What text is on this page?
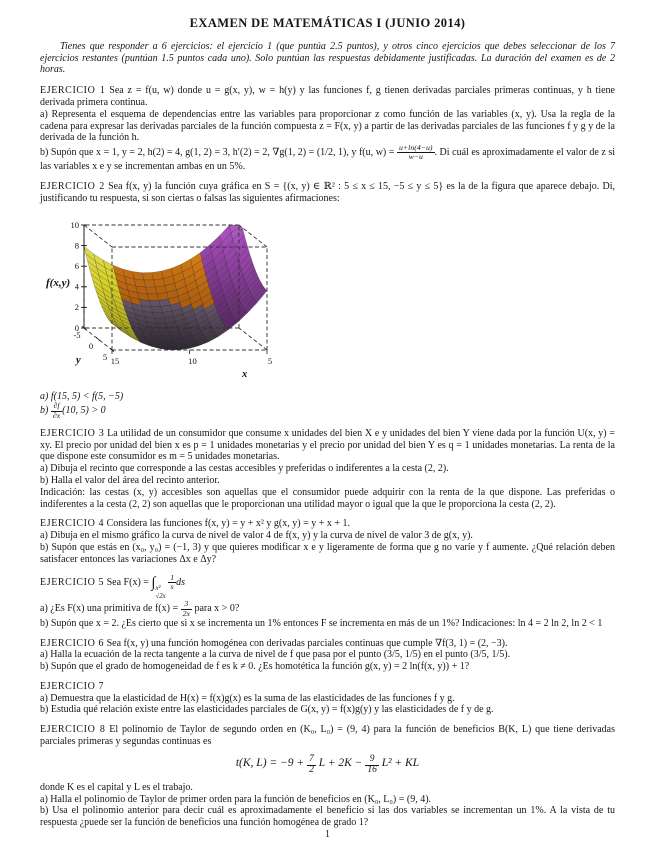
EXAMEN DE MATEMÁTICAS I (JUNIO 2014)

Tienes que responder a 6 ejercicios: el ejercicio 1 (que puntúa 2.5 puntos), y otros cinco ejercicios que debes seleccionar de los 7 ejercicios restantes (puntúan 1.5 puntos cada uno). Solo puntúan las respuestas debidamente justificadas. La duración del examen es de 2 horas.

EJERCICIO 1 Sea z = f(u, w) donde u = g(x, y), w = h(y) y las funciones f, g tienen derivadas parciales primeras continuas, y h tiene derivada primera continua.

a) Representa el esquema de dependencias entre las variables para proporcionar z como función de las variables (x, y). Usa la regla de la cadena para expresar las derivadas parciales de la función compuesta z = F(x, y) a partir de las derivadas parciales de las funciones f y g y de la derivada de la función h.
b) Supón que x = 1, y = 2, h(2) = 4, g(1, 2) = 3, h′(2) = 2, ∇g(1, 2) = (1/2, 1), y f(u, $w) = \frac{u+\ln(4-u)}{w-u}$ . Di cuál es aproximadamente el valor de z si las variables x e y se incrementan ambas en un 5%.

EJERCICIO 2 Sea f(x, y) la función cuya gráfica en S = {(x, y) ∈ ℝ² : 5 ≤ x ≤ 15, −5 ≤ y ≤ 5} es la de la figura que aparece debajo. Di, justificando tu respuesta, si son ciertas o falsas las siguientes afirmaciones:

10
8
6
4
2
0
-5
0
5 15	10	5
f(x,y)
y
x
a) f(15, 5) < f(5, −5)
$b) \frac{\partial f}{\partial x} (10$, 5) > 0

EJERCICIO 3 La utilidad de un consumidor que consume x unidades del bien X e y unidades del bien Y viene dada por la función U(x, y) = xy. El precio por unidad del bien x es p = 1 unidades monetarias y el precio por unidad del bien Y es q = 1 unidades monetarias. La renta de la que dispone este consumidor es m = 5 unidades monetarias.

a) Dibuja el recinto que corresponde a las cestas accesibles y preferidas o indiferentes a la cesta (2, 2).
b) Halla el valor del área del recinto anterior.
Indicación: las cestas (x, y) accesibles son aquellas que el consumidor puede adquirir con la renta de la que dispone. Las preferidas o indiferentes a la cesta (2, 2) son aquellas que le proporcionan una utilidad mayor o igual que la que le proporciona la cesta (2, 2).

EJERCICIO 4 Considera las funciones f(x, y) = y + x² y g(x, y) = y + x + 1.

a) Dibuja en el mismo gráfico la curva de nivel de valor 4 de f(x, y) y la curva de nivel de valor 3 de g(x, y).
b) Supón que estás en (x₀, y₀) = (−1, 3) y que quieres modificar x e y ligeramente de forma que g no varíe y f aumente. ¿Qué relación deben satisfacer entonces las variaciones Δx e Δy?

EJERCICIO 5 Sea F(x) = ∫ x²
√2x

$\frac{1}{s}$ ds

a) ¿Es F(x) una primitiva de $f(x) = \frac{3}{2x}$ para x > 0?
b) Supón que x = 2. ¿Es cierto que si x se incrementa un 1% entonces F se incrementa en más de un 1%? Indicaciones: ln 4 = 2 ln 2, ln 2 < 1

EJERCICIO 6 Sea f(x, y) una función homogénea con derivadas parciales continuas que cumple ∇f(3, 1) = (2, −3).

a) Halla la ecuación de la recta tangente a la curva de nivel de f que pasa por el punto (3/5, 1/5) en el punto (3/5, 1/5).
b) Supón que el grado de homogeneidad de f es k ≠ 0. ¿Es homotética la función g(x, y) = 2 ln(f(x, y)) + 1?

EJERCICIO 7

a) Demuestra que la elasticidad de H(x) = f(x)g(x) es la suma de las elasticidades de las funciones f y g.
b) Estudia qué relación existe entre las elasticidades parciales de G(x, y) = f(x)g(y) y las elasticidades de f y de g.

EJERCICIO 8 El polinomio de Taylor de segundo orden en (K₀, L₀) = (9, 4) para la función de beneficios B(K, L) que tiene derivadas parciales primeras y segundas continuas es

t(K, $L) = -9 + \frac{7}{2}$ $L + 2K - \frac{9}{16} L^2$ + KL
donde K es el capital y L es el trabajo.
a) Halla el polinomio de Taylor de primer orden para la función de beneficios en (K₀, L₀) = (9, 4).
b) Usa el polinomio anterior para decir cuál es aproximadamente el beneficio si las dos variables se incrementan un 1%. A la vista de tu respuesta ¿puede ser la función de beneficios una función homogénea de grado 1?
1
